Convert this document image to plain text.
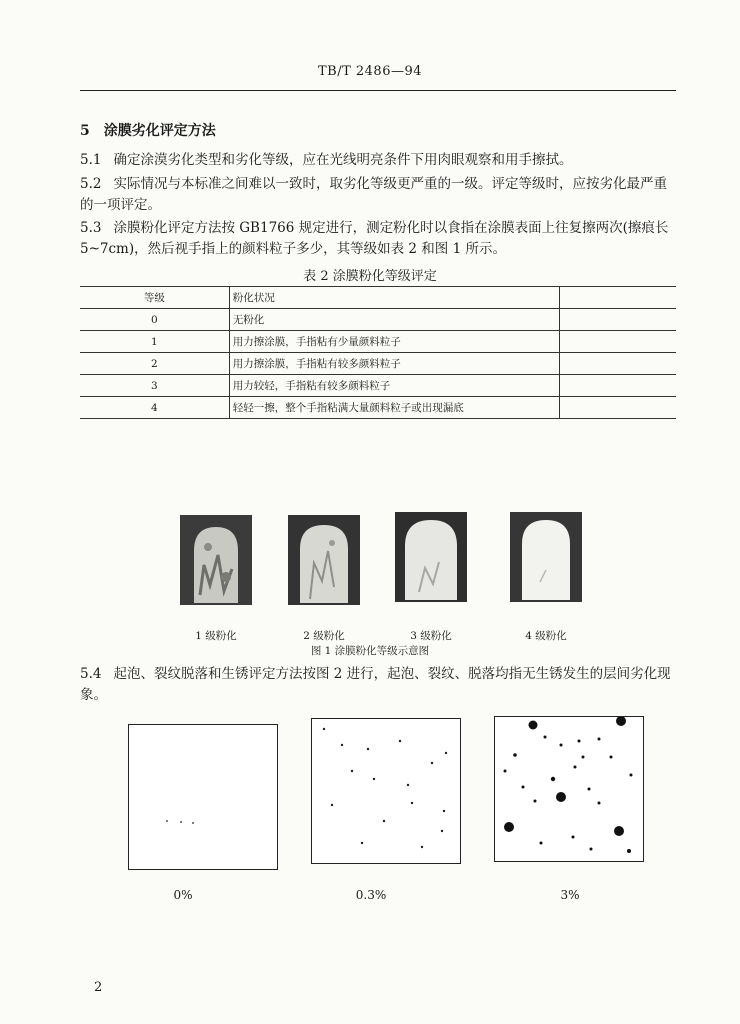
TB/T 2486—94
5 涂膜劣化评定方法
5.1 确定涂漠劣化类型和劣化等级，应在光线明亮条件下用肉眼观察和用手擦拭。
5.2 实际情况与本标准之间难以一致时，取劣化等级更严重的一级。评定等级时，应按劣化最严重的一项评定。
5.3 涂膜粉化评定方法按 GB1766 规定进行，测定粉化时以食指在涂膜表面上往复擦两次(擦痕长 5~7cm)，然后视手指上的颜料粒子多少，其等级如表 2 和图 1 所示。
表 2 涂膜粉化等级评定
等级	粉化状况	
0	无粉化	
1	用力擦涂膜，手指粘有少量颜料粒子	
2	用力擦涂膜，手指粘有较多颜料粒子	
3	用力较轻，手指粘有较多颜料粒子	
4	轻轻一擦，整个手指粘满大量颜料粒子或出现漏底	
1 级粉化	2 级粉化	3 级粉化	4 级粉化
图 1 涂膜粉化等级示意图
5.4 起泡、裂纹脱落和生锈评定方法按图 2 进行，起泡、裂纹、脱落均指无生锈发生的层间劣化现象。
0%	0.3%	3%
2
